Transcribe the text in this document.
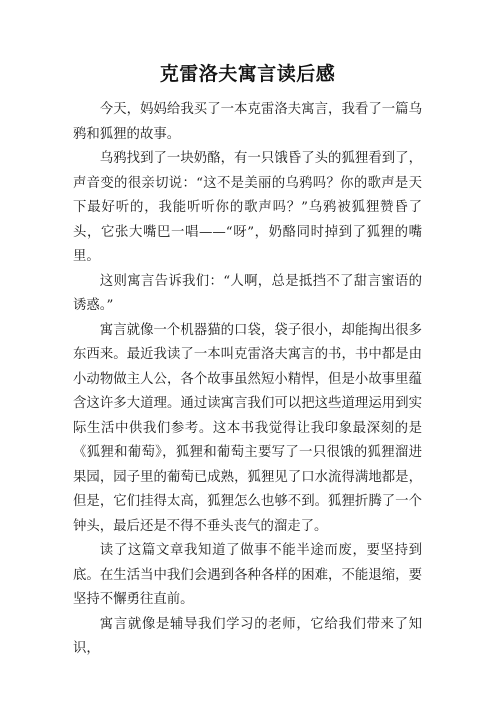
克雷洛夫寓言读后感

今天，妈妈给我买了一本克雷洛夫寓言，我看了一篇乌鸦和狐狸的故事。

乌鸦找到了一块奶酪，有一只饿昏了头的狐狸看到了，声音变的很亲切说：“这不是美丽的乌鸦吗？你的歌声是天下最好听的，我能听听你的歌声吗？”乌鸦被狐狸赞昏了头，它张大嘴巴一唱——“呀”，奶酪同时掉到了狐狸的嘴里。

这则寓言告诉我们：“人啊，总是抵挡不了甜言蜜语的诱惑。”

寓言就像一个机器猫的口袋，袋子很小，却能掏出很多东西来。最近我读了一本叫克雷洛夫寓言的书，书中都是由小动物做主人公，各个故事虽然短小精悍，但是小故事里蕴含这许多大道理。通过读寓言我们可以把这些道理运用到实际生活中供我们参考。这本书我觉得让我印象最深刻的是《狐狸和葡萄》，狐狸和葡萄主要写了一只很饿的狐狸溜进果园，园子里的葡萄已成熟，狐狸见了口水流得满地都是，但是，它们挂得太高，狐狸怎么也够不到。狐狸折腾了一个钟头，最后还是不得不垂头丧气的溜走了。

读了这篇文章我知道了做事不能半途而废，要坚持到底。在生活当中我们会遇到各种各样的困难，不能退缩，要坚持不懈勇往直前。

寓言就像是辅导我们学习的老师，它给我们带来了知识，
